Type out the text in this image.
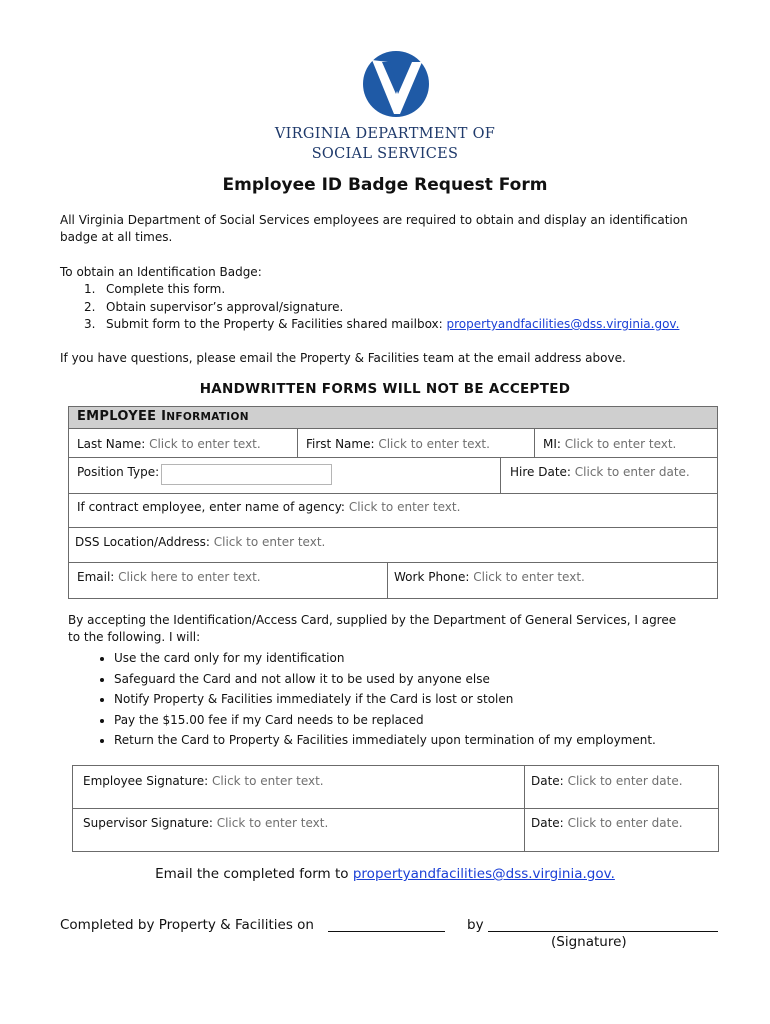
VIRGINIA DEPARTMENT OF
SOCIAL SERVICES
Employee ID Badge Request Form
All Virginia Department of Social Services employees are required to obtain and display an identification badge at all times.
To obtain an Identification Badge:
1. Complete this form.
2. Obtain supervisor’s approval/signature.
3. Submit form to the Property & Facilities shared mailbox: propertyandfacilities@dss.virginia.gov.
If you have questions, please email the Property & Facilities team at the email address above.
HANDWRITTEN FORMS WILL NOT BE ACCEPTED
EMPLOYEE INFORMATION
Last Name: Click to enter text.	First Name: Click to enter text.	MI: Click to enter text.
Position Type:	Hire Date: Click to enter date.
If contract employee, enter name of agency: Click to enter text.
DSS Location/Address: Click to enter text.
Email: Click here to enter text.	Work Phone: Click to enter text.
By accepting the Identification/Access Card, supplied by the Department of General Services, I agree to the following. I will:
• Use the card only for my identification
• Safeguard the Card and not allow it to be used by anyone else
• Notify Property & Facilities immediately if the Card is lost or stolen
• Pay the $15.00 fee if my Card needs to be replaced
• Return the Card to Property & Facilities immediately upon termination of my employment.
Employee Signature: Click to enter text.	Date: Click to enter date.
Supervisor Signature: Click to enter text.	Date: Click to enter date.
Email the completed form to propertyandfacilities@dss.virginia.gov.
Completed by Property & Facilities on	by
(Signature)
